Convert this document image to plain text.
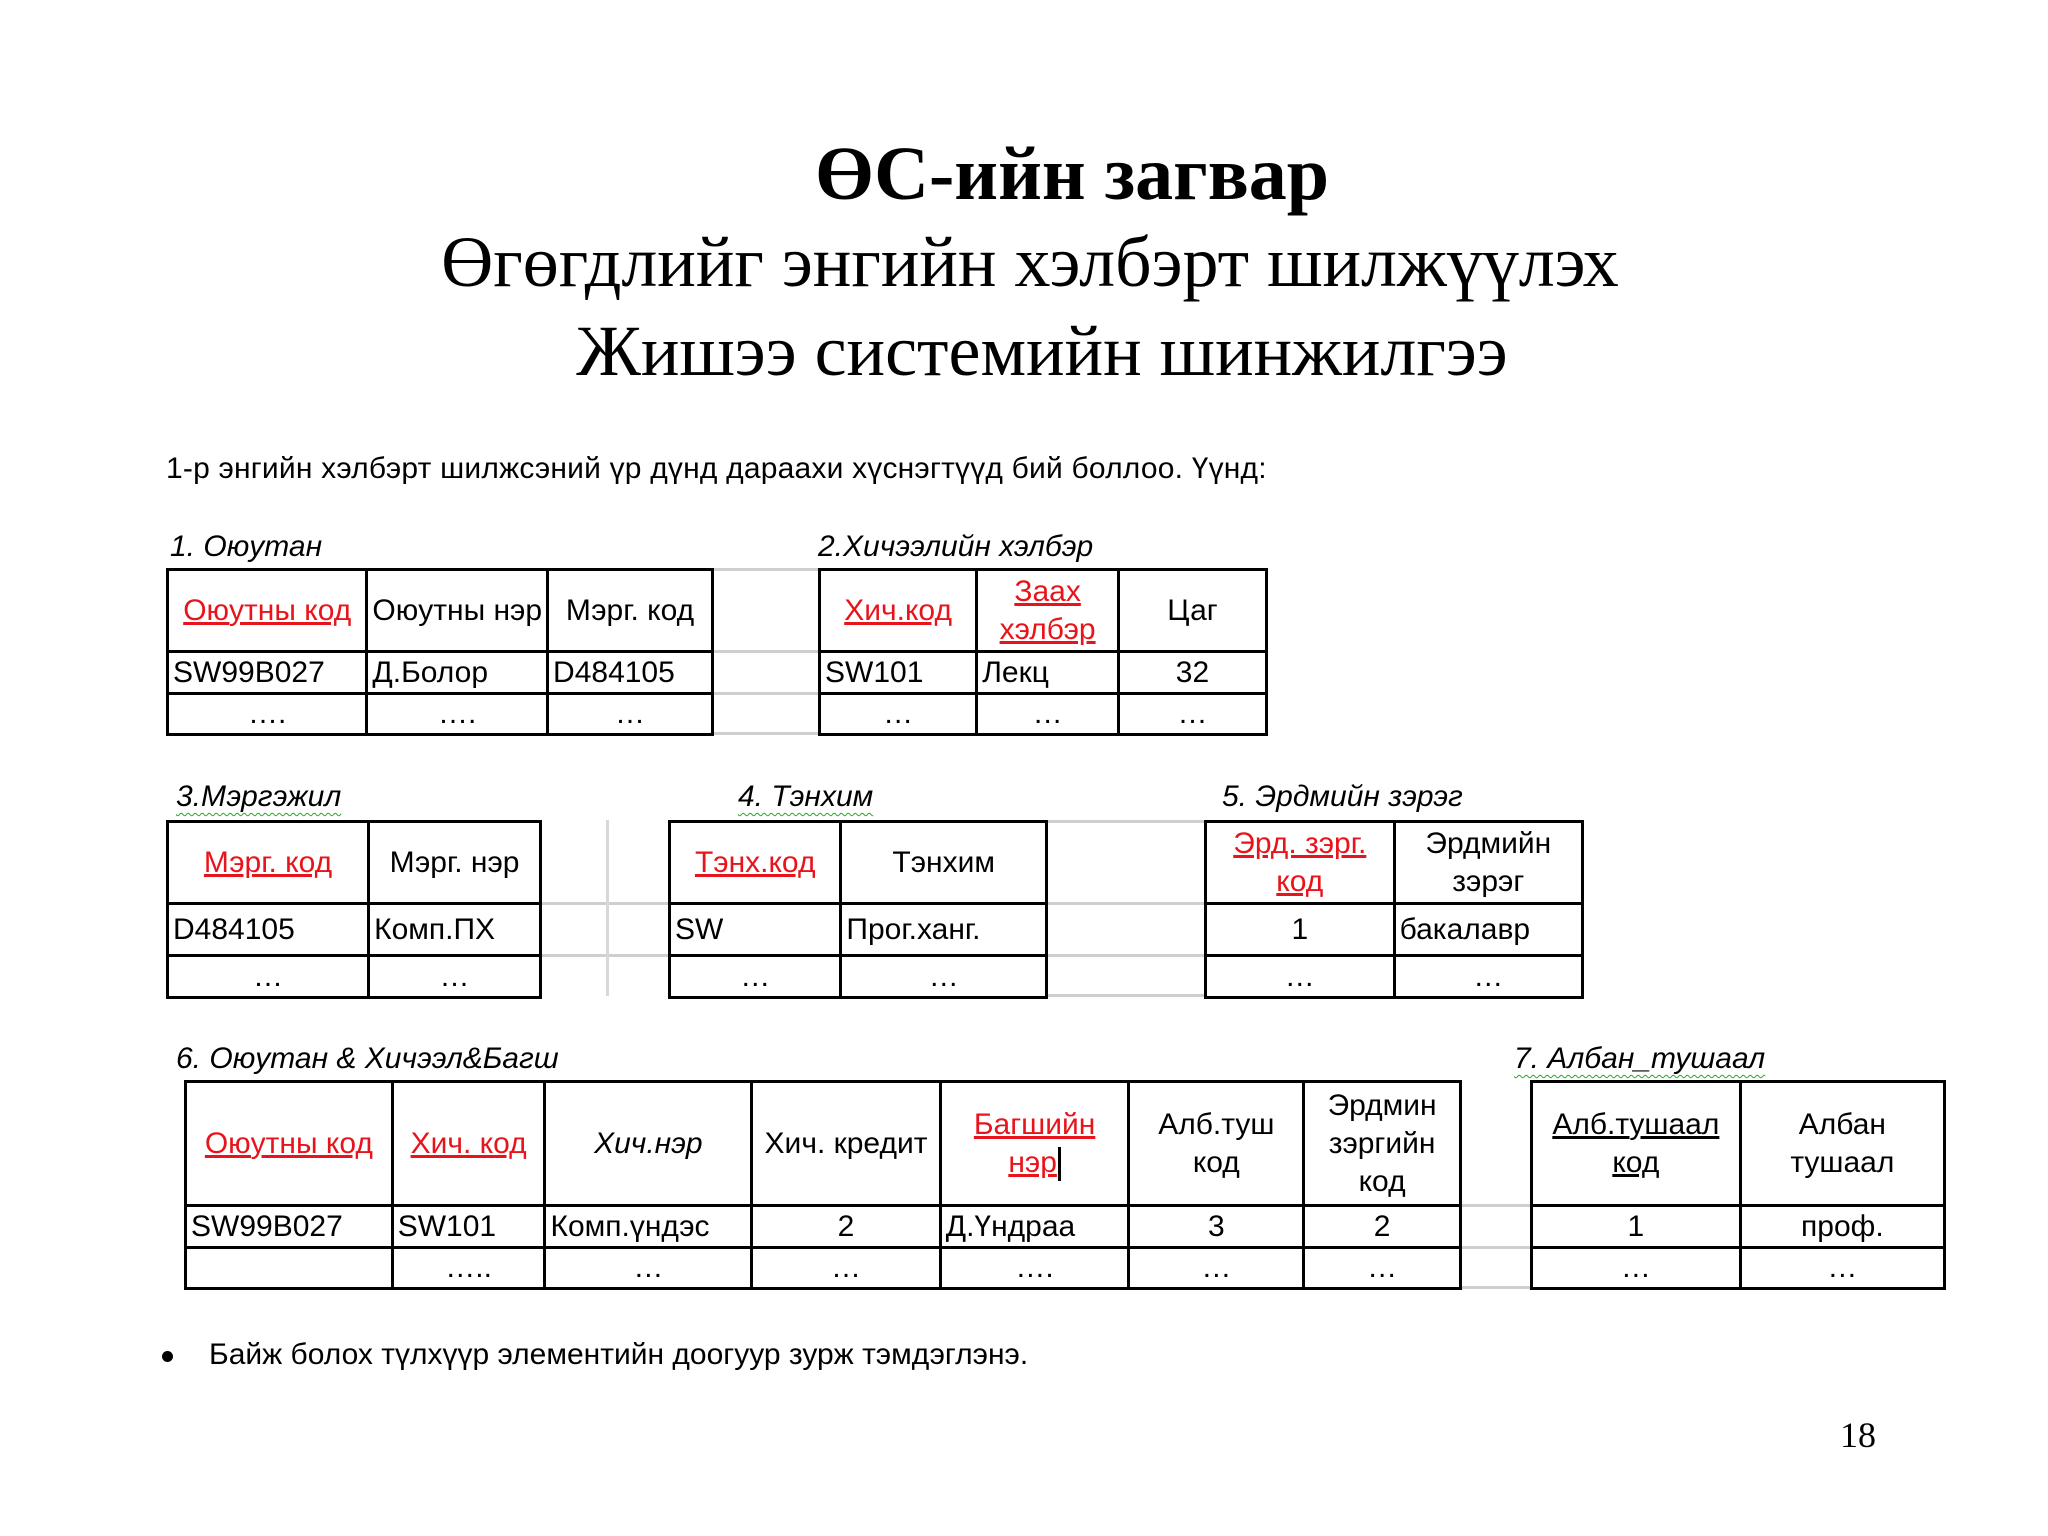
ӨС-ийн загвар
Өгөгдлийг энгийн хэлбэрт шилжүүлэх
Жишээ системийн шинжилгээ
1-р энгийн хэлбэрт шилжсэний үр дүнд дараахи хүснэгтүүд бий боллоо. Үүнд:
1. Оюутан
Оюутны код	Оюутны нэр	Мэрг. код
SW99B027	Д.Болор	D484105
….	….	…
2.Хичээлийн хэлбэр
Хич.код	Заах хэлбэр	Цаг
SW101	Лекц	32
…	…	…
3.Мэргэжил
Мэрг. код	Мэрг. нэр
D484105	Комп.ПХ
…	…
4. Тэнхим
Тэнх.код	Тэнхим
SW	Прог.ханг.
…	…
5. Эрдмийн зэрэг
Эрд. зэрг. код	Эрдмийн зэрэг
1	бакалавр
…	…
6. Оюутан & Хичээл&Багш
Оюутны код	Хич. код	Хич.нэр	Хич. кредит	Багшийн нэр	Алб.туш код	Эрдмин зэргийн код
SW99B027	SW101	Комп.үндэс	2	Д.Үндраа	3	2
	…..	…	…	….	…	…
7. Албан_тушаал
Алб.тушаал код	Албан тушаал
1	проф.
…	…
Байж болох түлхүүр элементийн доогуур зурж тэмдэглэнэ.
18
